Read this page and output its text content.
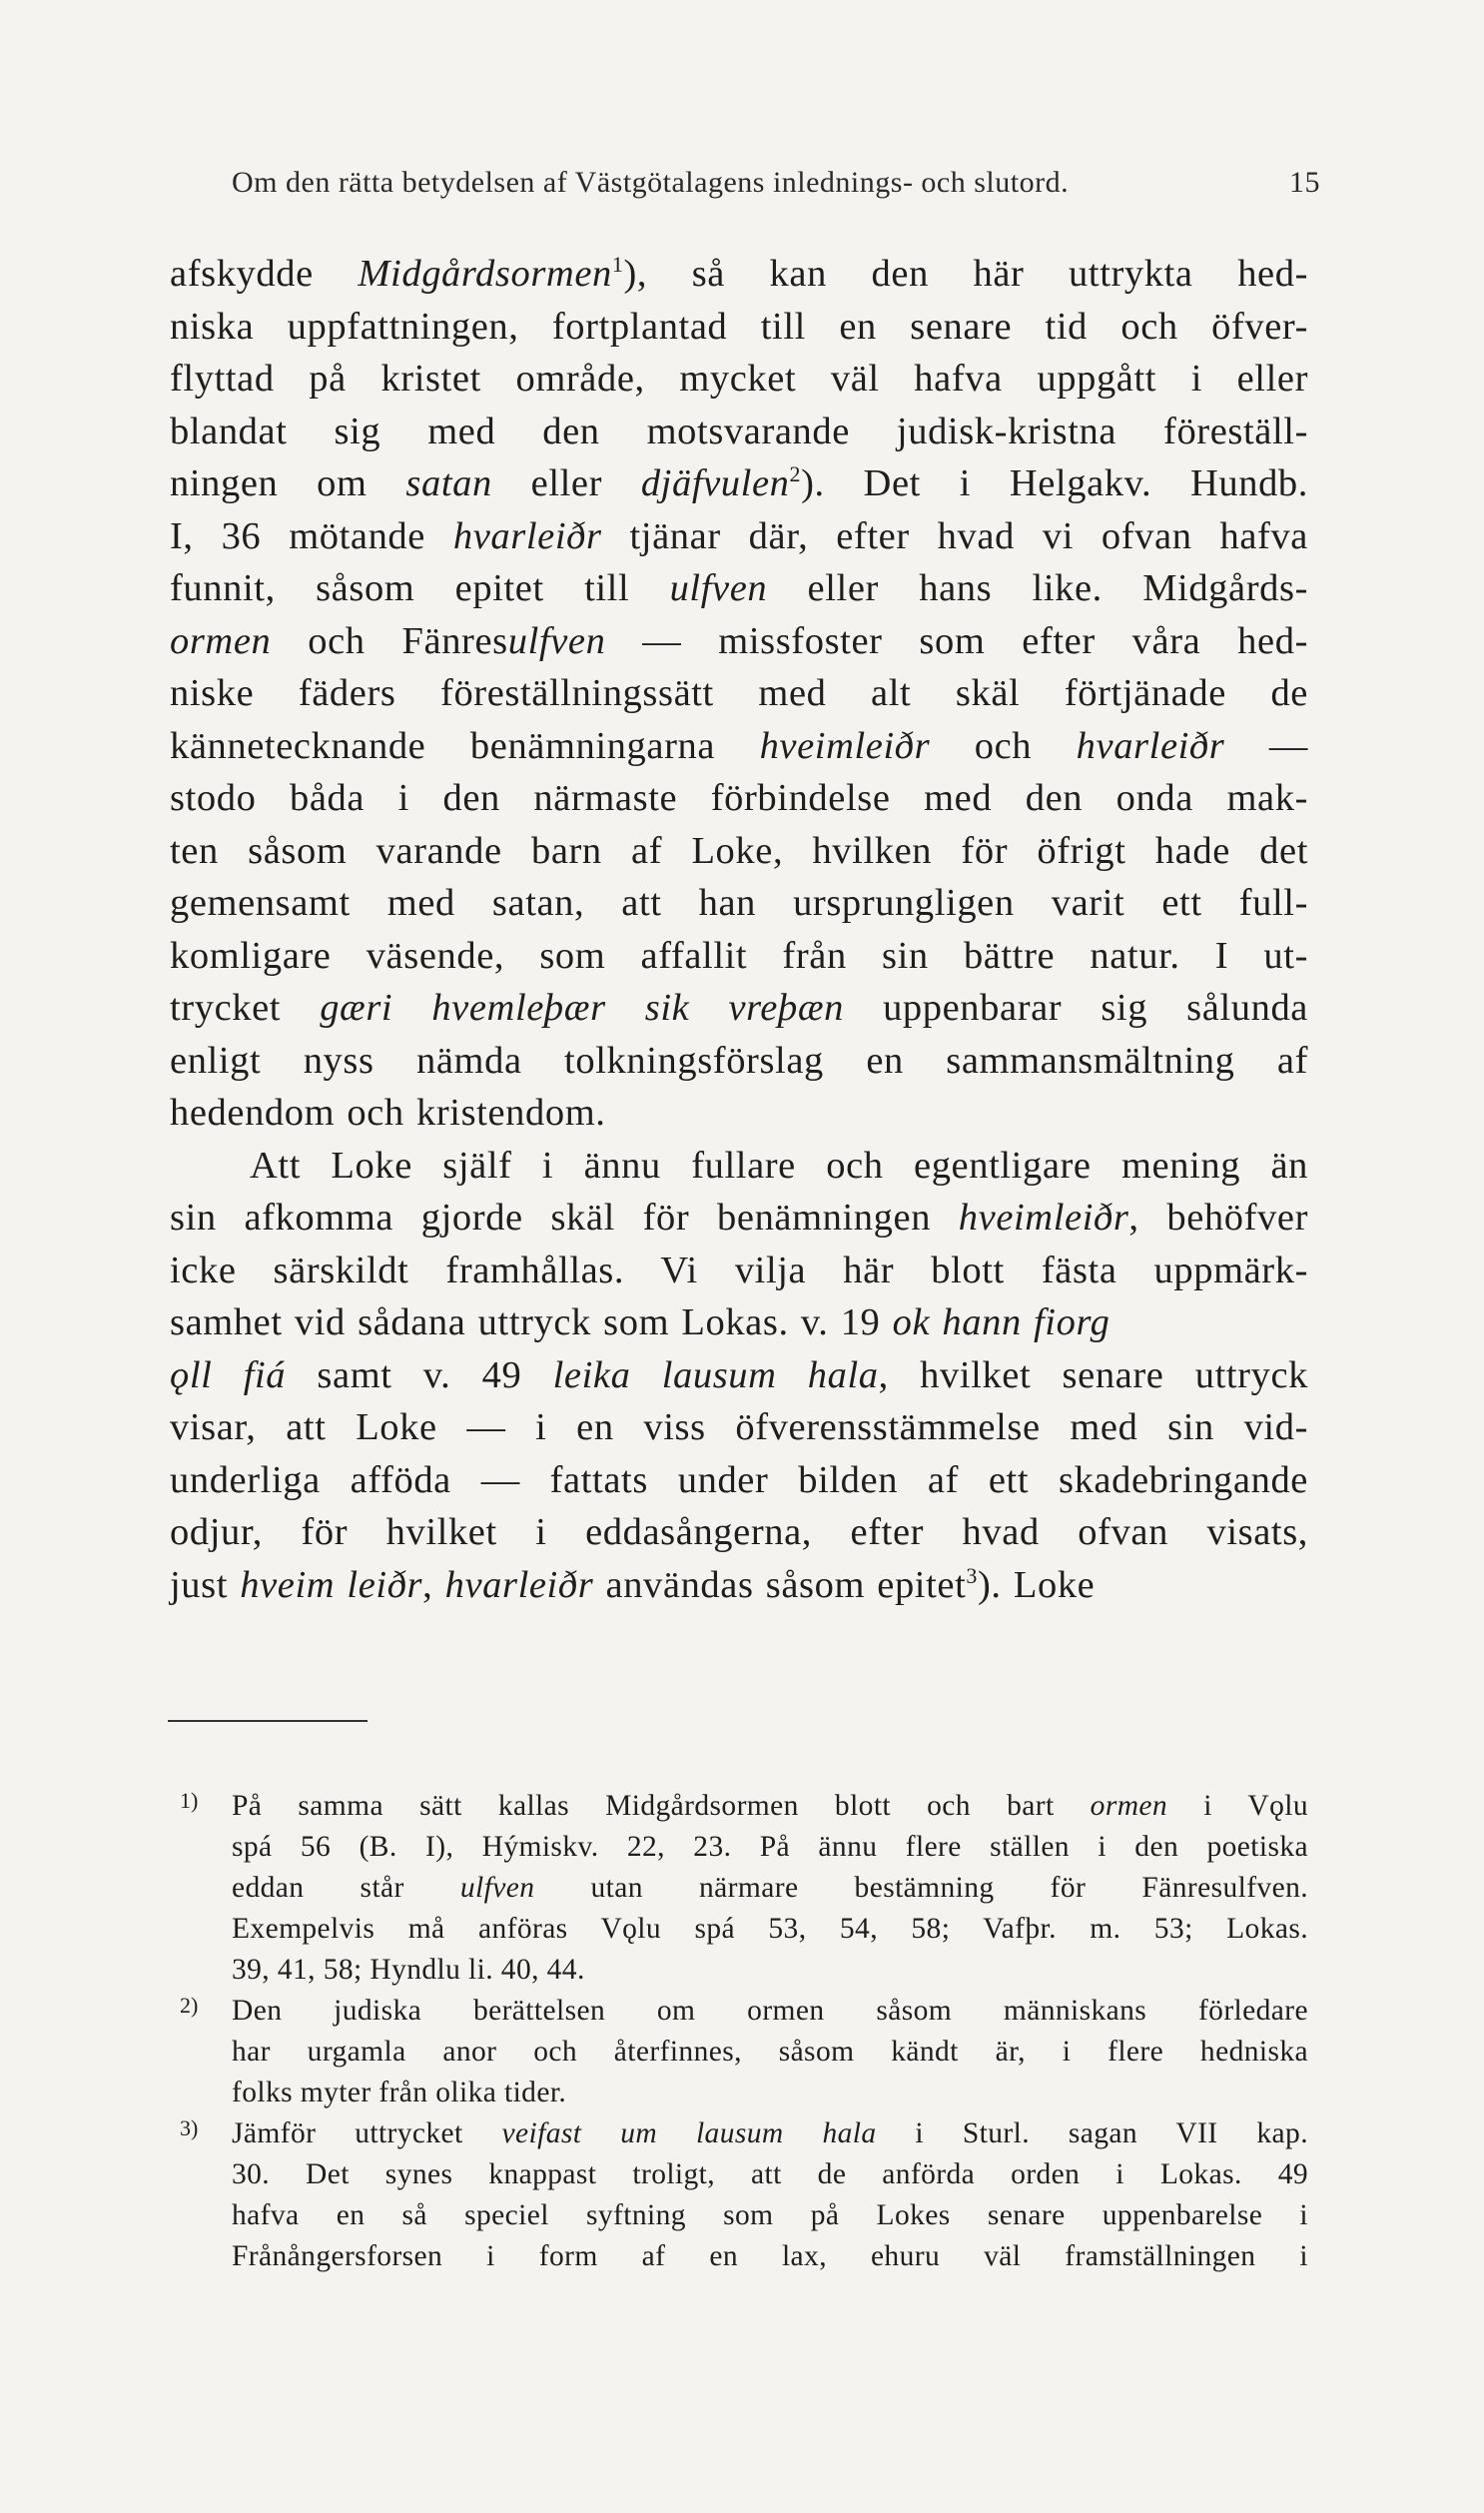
Om den rätta betydelsen af Västgötalagens inlednings- och slutord.	15
afskydde Midgårdsormen$^1$), så kan den här uttrykta hed-
niska uppfattningen, fortplantad till en senare tid och öfver-
flyttad på kristet område, mycket väl hafva uppgått i eller
blandat sig med den motsvarande judisk-kristna föreställ-
ningen om satan eller djäfvulen$^2$). Det i Helgakv. Hundb.
I, 36 mötande hvarleiðr tjänar där, efter hvad vi ofvan hafva
funnit, såsom epitet till ulfven eller hans like. Midgårds-
ormen och Fänresulfven — missfoster som efter våra hed-
niske fäders föreställningssätt med alt skäl förtjänade de
kännetecknande benämningarna hveimleiðr och hvarleiðr —
stodo båda i den närmaste förbindelse med den onda mak-
ten såsom varande barn af Loke, hvilken för öfrigt hade det
gemensamt med satan, att han ursprungligen varit ett full-
komligare väsende, som affallit från sin bättre natur. I ut-
trycket gæri hvemleþær sik vreþæn uppenbarar sig sålunda
enligt nyss nämda tolkningsförslag en sammansmältning af
hedendom och kristendom.
Att Loke själf i ännu fullare och egentligare mening än
sin afkomma gjorde skäl för benämningen hveimleiðr, behöfver
icke särskildt framhållas. Vi vilja här blott fästa uppmärk-
samhet vid sådana uttryck som Lokas. v. 19 ok hann fiorg
ǫll fiá samt v. 49 leika lausum hala, hvilket senare uttryck
visar, att Loke — i en viss öfverensstämmelse med sin vid-
underliga afföda — fattats under bilden af ett skadebringande
odjur, för hvilket i eddasångerna, efter hvad ofvan visats,
just hveim leiðr, hvarleiðr användas såsom epitet$^3$). Loke
1) På samma sätt kallas Midgårdsormen blott och bart ormen i Vǫlu
spá 56 (B. I), Hýmiskv. 22, 23. På ännu flere ställen i den poetiska
eddan står ulfven utan närmare bestämning för Fänresulfven.
Exempelvis må anföras Vǫlu spá 53, 54, 58; Vafþr. m. 53; Lokas.
39, 41, 58; Hyndlu li. 40, 44.
2) Den judiska berättelsen om ormen såsom människans förledare
har urgamla anor och återfinnes, såsom kändt är, i flere hedniska
folks myter från olika tider.
3) Jämför uttrycket veifast um lausum hala i Sturl. sagan VII kap.
30. Det synes knappast troligt, att de anförda orden i Lokas. 49
hafva en så speciel syftning som på Lokes senare uppenbarelse i
Frånångersforsen i form af en lax, ehuru väl framställningen i
